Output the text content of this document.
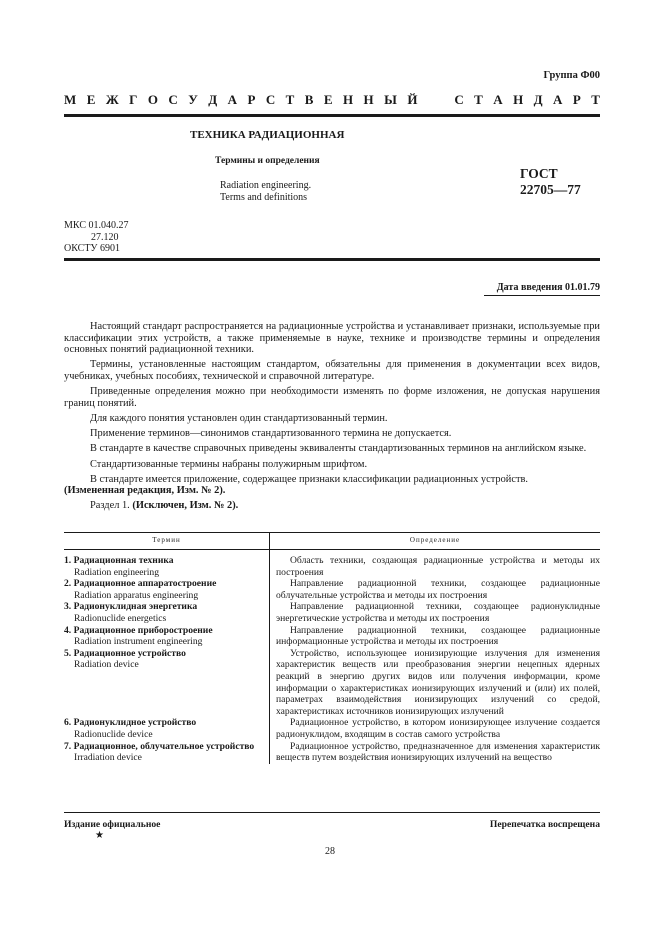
Группа Ф00
М Е Ж Г О С У Д А Р С Т В Е Н Н Ы Й	С Т А Н Д А Р Т
ТЕХНИКА РАДИАЦИОННАЯ
Термины и определения
Radiation engineering.
Terms and definitions
ГОСТ
22705—77
МКС 01.040.27
27.120
ОКСТУ 6901
Дата введения 01.01.79

Настоящий стандарт распространяется на радиационные устройства и устанавливает признаки, используемые при классификации этих устройств, а также применяемые в науке, технике и производстве термины и определения основных понятий радиационной техники.

Термины, установленные настоящим стандартом, обязательны для применения в документации всех видов, учебниках, учебных пособиях, технической и справочной литературе.

Приведенные определения можно при необходимости изменять по форме изложения, не допуская нарушения границ понятий.

Для каждого понятия установлен один стандартизованный термин.

Применение терминов—синонимов стандартизованного термина не допускается.

В стандарте в качестве справочных приведены эквиваленты стандартизованных терминов на английском языке.

Стандартизованные термины набраны полужирным шрифтом.

В стандарте имеется приложение, содержащее признаки классификации радиационных устройств.
(Измененная редакция, Изм. № 2).

Раздел 1. (Исключен, Изм. № 2).

Термин	Определение

1. Радиационная техника
Radiation engineering	Область техники, создающая радиационные устройства и методы их построения

2. Радиационное аппаратостроение
Radiation apparatus engineering	Направление радиационной техники, создающее радиационные облучательные устройства и методы их построения

3. Радионуклидная энергетика
Radionuclide energetics	Направление радиационной техники, создающее радионуклидные энергетические устройства и методы их построения

4. Радиационное приборостроение
Radiation instrument engineering	Направление радиационной техники, создающее радиационные информационные устройства и методы их построения

5. Радиационное устройство
Radiation device	Устройство, использующее ионизирующие излучения для изменения характеристик веществ или преобразования энергии нецепных ядерных реакций в энергию других видов или получения информации, кроме информации о характеристиках ионизирующих излучений и (или) их полей, параметрах взаимодействия ионизирующих излучений со средой, характеристиках источников ионизирующих излучений

6. Радионуклидное устройство
Radionuclide device	Радиационное устройство, в котором ионизирующее излучение создается радионуклидом, входящим в состав самого устройства

7. Радиационное, облучательное устройство
Irradiation device	Радиационное устройство, предназначенное для изменения характеристик веществ путем воздействия ионизирующих излучений на вещество

Издание официальное	Перепечатка воспрещена
★
28
